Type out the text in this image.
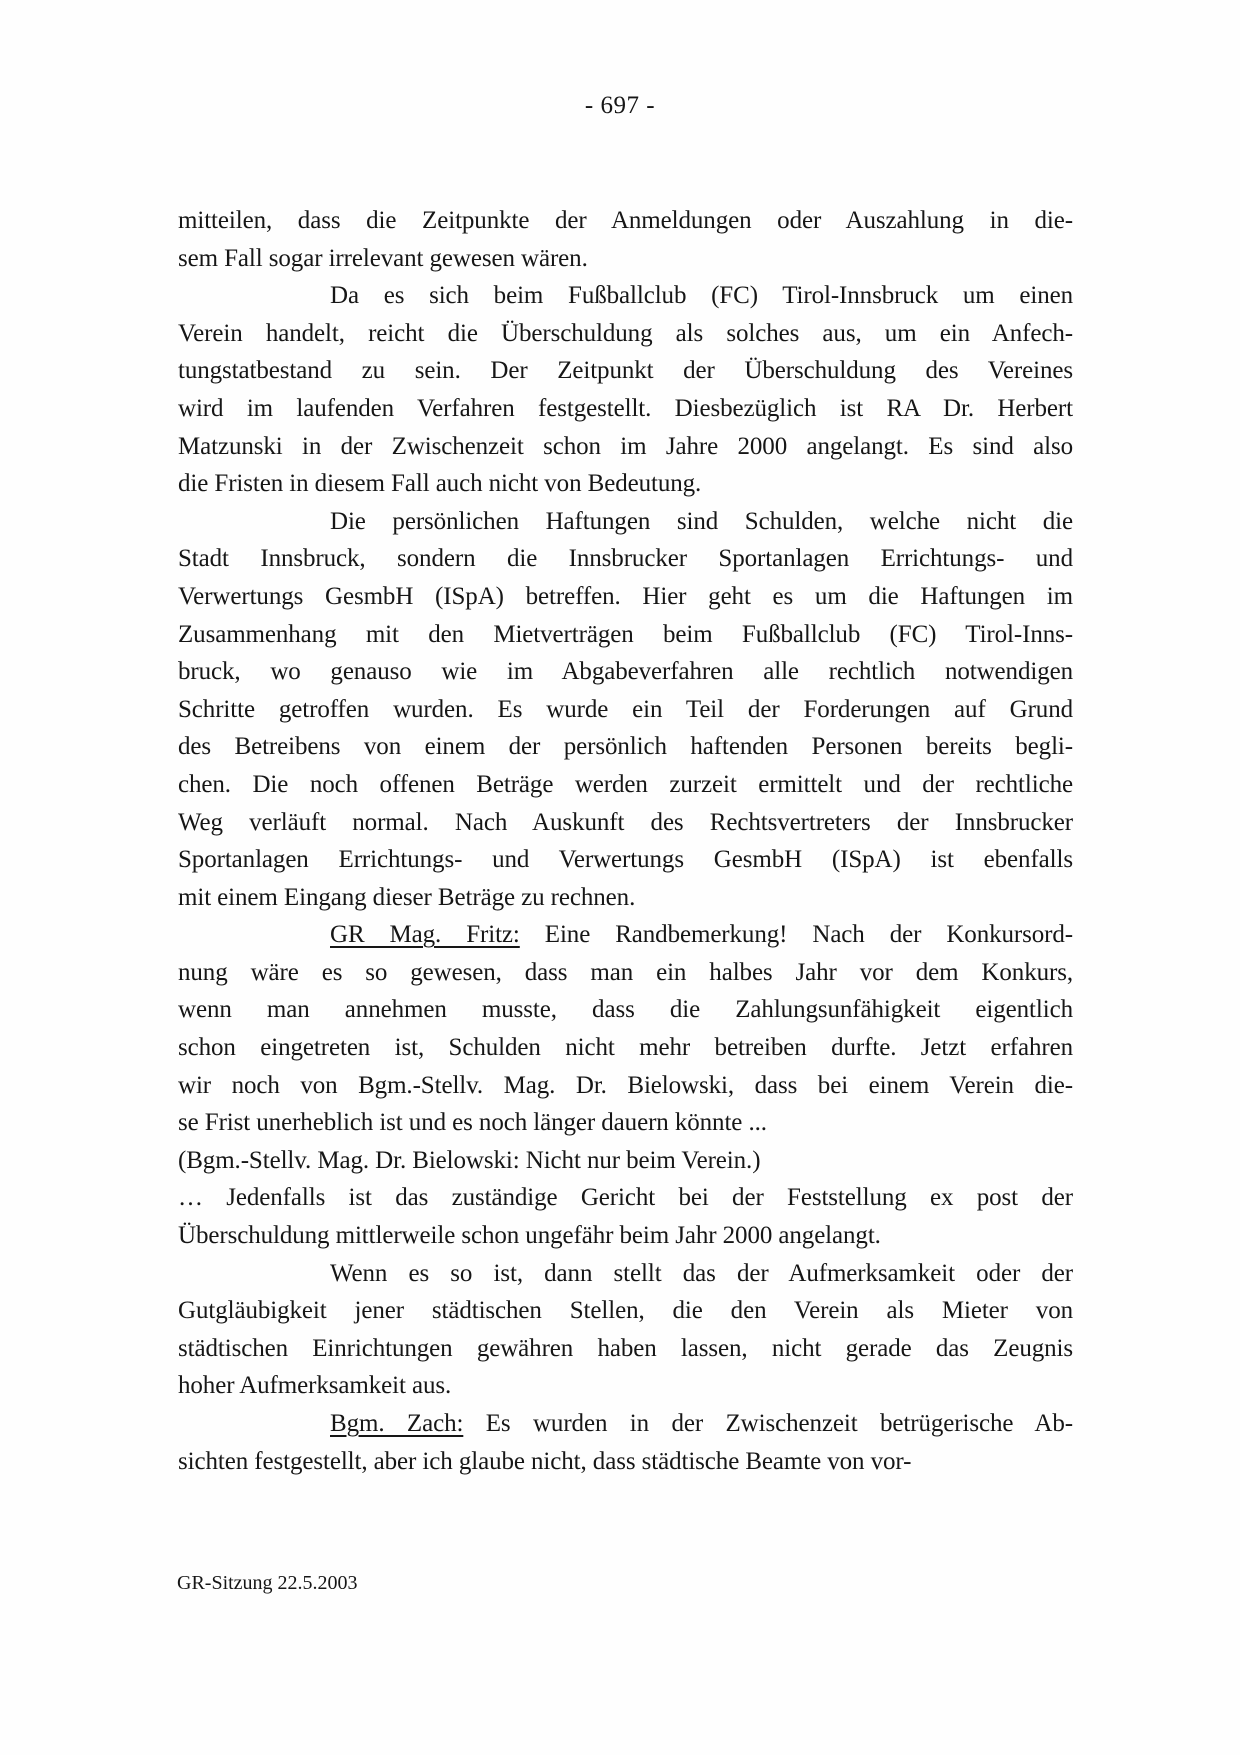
- 697 -
mitteilen, dass die Zeitpunkte der Anmeldungen oder Auszahlung in die-
sem Fall sogar irrelevant gewesen wären.
Da es sich beim Fußballclub (FC) Tirol-Innsbruck um einen
Verein handelt, reicht die Überschuldung als solches aus, um ein Anfech-
tungstatbestand zu sein. Der Zeitpunkt der Überschuldung des Vereines
wird im laufenden Verfahren festgestellt. Diesbezüglich ist RA Dr. Herbert
Matzunski in der Zwischenzeit schon im Jahre 2000 angelangt. Es sind also
die Fristen in diesem Fall auch nicht von Bedeutung.
Die persönlichen Haftungen sind Schulden, welche nicht die
Stadt Innsbruck, sondern die Innsbrucker Sportanlagen Errichtungs- und
Verwertungs GesmbH (ISpA) betreffen. Hier geht es um die Haftungen im
Zusammenhang mit den Mietverträgen beim Fußballclub (FC) Tirol-Inns-
bruck, wo genauso wie im Abgabeverfahren alle rechtlich notwendigen
Schritte getroffen wurden. Es wurde ein Teil der Forderungen auf Grund
des Betreibens von einem der persönlich haftenden Personen bereits begli-
chen. Die noch offenen Beträge werden zurzeit ermittelt und der rechtliche
Weg verläuft normal. Nach Auskunft des Rechtsvertreters der Innsbrucker
Sportanlagen Errichtungs- und Verwertungs GesmbH (ISpA) ist ebenfalls
mit einem Eingang dieser Beträge zu rechnen.
GR Mag. Fritz: Eine Randbemerkung! Nach der Konkursord-
nung wäre es so gewesen, dass man ein halbes Jahr vor dem Konkurs,
wenn man annehmen musste, dass die Zahlungsunfähigkeit eigentlich
schon eingetreten ist, Schulden nicht mehr betreiben durfte. Jetzt erfahren
wir noch von Bgm.-Stellv. Mag. Dr. Bielowski, dass bei einem Verein die-
se Frist unerheblich ist und es noch länger dauern könnte ...
(Bgm.-Stellv. Mag. Dr. Bielowski: Nicht nur beim Verein.)
… Jedenfalls ist das zuständige Gericht bei der Feststellung ex post der
Überschuldung mittlerweile schon ungefähr beim Jahr 2000 angelangt.
Wenn es so ist, dann stellt das der Aufmerksamkeit oder der
Gutgläubigkeit jener städtischen Stellen, die den Verein als Mieter von
städtischen Einrichtungen gewähren haben lassen, nicht gerade das Zeugnis
hoher Aufmerksamkeit aus.
Bgm. Zach: Es wurden in der Zwischenzeit betrügerische Ab-
sichten festgestellt, aber ich glaube nicht, dass städtische Beamte von vor-
GR-Sitzung 22.5.2003
